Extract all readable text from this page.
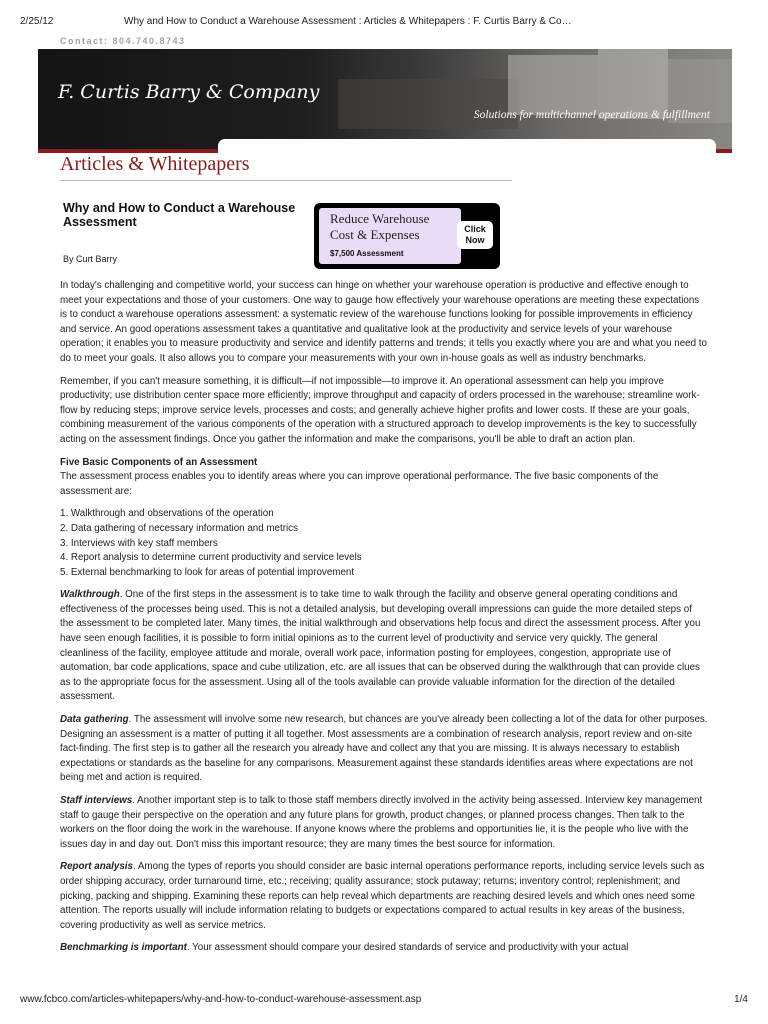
2/25/12	Why and How to Conduct a Warehouse Assessment : Articles & Whitepapers : F. Curtis Barry & Co…
Contact: 804.740.8743
F. Curtis Barry & Company
Solutions for multichannel operations & fulfillment
Articles & Whitepapers
Why and How to Conduct a Warehouse Assessment	Reduce Warehouse
Cost & Expenses
$7,500 Assessment
Click Now
By Curt Barry

In today's challenging and competitive world, your success can hinge on whether your warehouse operation is productive and effective enough to meet your expectations and those of your customers. One way to gauge how effectively your warehouse operations are meeting these expectations is to conduct a warehouse operations assessment: a systematic review of the warehouse functions looking for possible improvements in efficiency and service. An good operations assessment takes a quantitative and qualitative look at the productivity and service levels of your warehouse operation; it enables you to measure productivity and service and identify patterns and trends; it tells you exactly where you are and what you need to do to meet your goals. It also allows you to compare your measurements with your own in-house goals as well as industry benchmarks.

Remember, if you can't measure something, it is difficult—if not impossible—to improve it. An operational assessment can help you improve productivity; use distribution center space more efficiently; improve throughput and capacity of orders processed in the warehouse; streamline work-flow by reducing steps; improve service levels, processes and costs; and generally achieve higher profits and lower costs. If these are your goals, combining measurement of the various components of the operation with a structured approach to develop improvements is the key to successfully acting on the assessment findings. Once you gather the information and make the comparisons, you'll be able to draft an action plan.

Five Basic Components of an Assessment
The assessment process enables you to identify areas where you can improve operational performance. The five basic components of the assessment are:
1. Walkthrough and observations of the operation
2. Data gathering of necessary information and metrics
3. Interviews with key staff members
4. Report analysis to determine current productivity and service levels
5. External benchmarking to look for areas of potential improvement

Walkthrough. One of the first steps in the assessment is to take time to walk through the facility and observe general operating conditions and effectiveness of the processes being used. This is not a detailed analysis, but developing overall impressions can guide the more detailed steps of the assessment to be completed later. Many times, the initial walkthrough and observations help focus and direct the assessment process. After you have seen enough facilities, it is possible to form initial opinions as to the current level of productivity and service very quickly. The general cleanliness of the facility, employee attitude and morale, overall work pace, information posting for employees, congestion, appropriate use of automation, bar code applications, space and cube utilization, etc. are all issues that can be observed during the walkthrough that can provide clues as to the appropriate focus for the assessment. Using all of the tools available can provide valuable information for the direction of the detailed assessment.

Data gathering. The assessment will involve some new research, but chances are you've already been collecting a lot of the data for other purposes. Designing an assessment is a matter of putting it all together. Most assessments are a combination of research analysis, report review and on-site fact-finding. The first step is to gather all the research you already have and collect any that you are missing. It is always necessary to establish expectations or standards as the baseline for any comparisons. Measurement against these standards identifies areas where expectations are not being met and action is required.

Staff interviews. Another important step is to talk to those staff members directly involved in the activity being assessed. Interview key management staff to gauge their perspective on the operation and any future plans for growth, product changes, or planned process changes. Then talk to the workers on the floor doing the work in the warehouse. If anyone knows where the problems and opportunities lie, it is the people who live with the issues day in and day out. Don't miss this important resource; they are many times the best source for information.

Report analysis. Among the types of reports you should consider are basic internal operations performance reports, including service levels such as order shipping accuracy, order turnaround time, etc.; receiving; quality assurance; stock putaway; returns; inventory control; replenishment; and picking, packing and shipping. Examining these reports can help reveal which departments are reaching desired levels and which ones need some attention. The reports usually will include information relating to budgets or expectations compared to actual results in key areas of the business, covering productivity as well as service metrics.

Benchmarking is important. Your assessment should compare your desired standards of service and productivity with your actual

www.fcbco.com/articles-whitepapers/why-and-how-to-conduct-warehouse-assessment.asp	1/4
